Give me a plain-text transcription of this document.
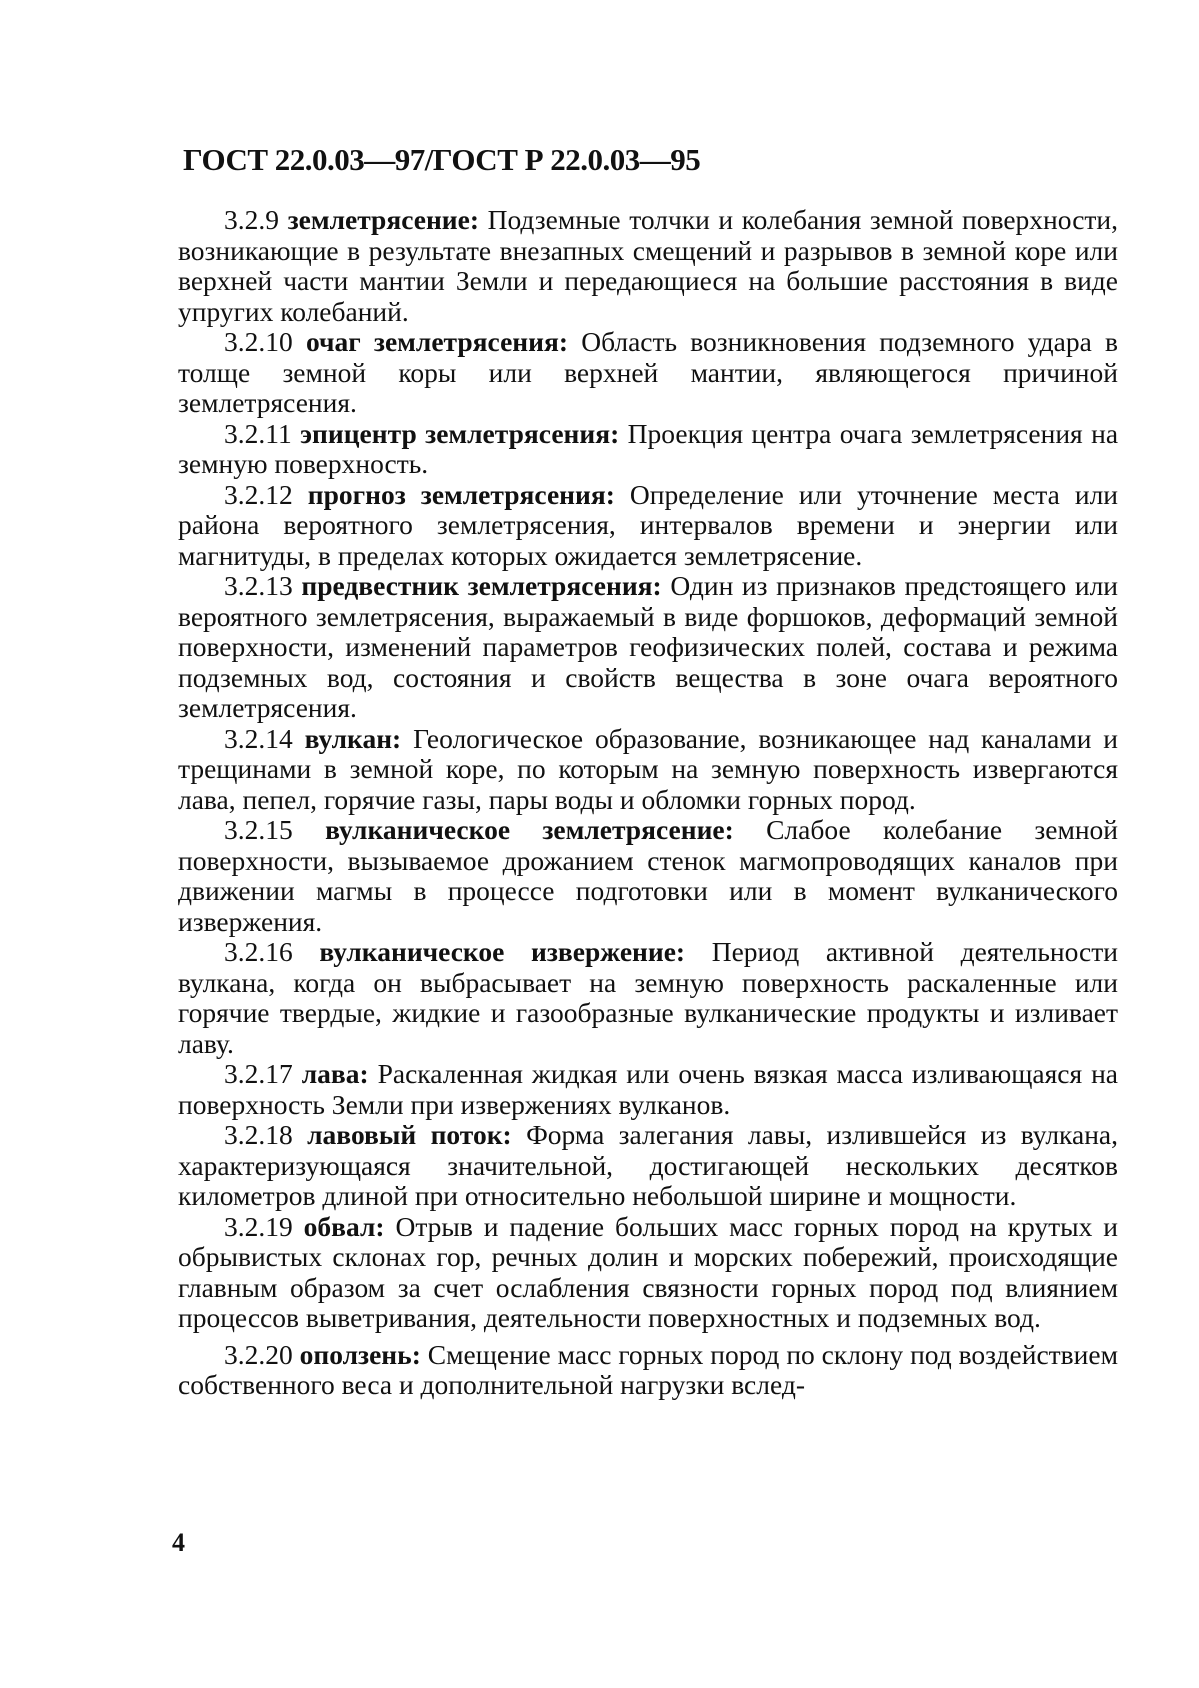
ГОСТ 22.0.03—97/ГОСТ Р 22.0.03—95

3.2.9 землетрясение: Подземные толчки и колебания земной поверхности, возникающие в результате внезапных смещений и разрывов в земной коре или верхней части мантии Земли и передающиеся на большие расстояния в виде упругих колебаний.

3.2.10 очаг землетрясения: Область возникновения подземного удара в толще земной коры или верхней мантии, являющегося причиной землетрясения.

3.2.11 эпицентр землетрясения: Проекция центра очага землетрясения на земную поверхность.

3.2.12 прогноз землетрясения: Определение или уточнение места или района вероятного землетрясения, интервалов времени и энергии или магнитуды, в пределах которых ожидается землетрясение.

3.2.13 предвестник землетрясения: Один из признаков предстоящего или вероятного землетрясения, выражаемый в виде форшоков, деформаций земной поверхности, изменений параметров геофизических полей, состава и режима подземных вод, состояния и свойств вещества в зоне очага вероятного землетрясения.

3.2.14 вулкан: Геологическое образование, возникающее над каналами и трещинами в земной коре, по которым на земную поверхность извергаются лава, пепел, горячие газы, пары воды и обломки горных пород.

3.2.15 вулканическое землетрясение: Слабое колебание земной поверхности, вызываемое дрожанием стенок магмопроводящих каналов при движении магмы в процессе подготовки или в момент вулканического извержения.

3.2.16 вулканическое извержение: Период активной деятельности вулкана, когда он выбрасывает на земную поверхность раскаленные или горячие твердые, жидкие и газообразные вулканические продукты и изливает лаву.

3.2.17 лава: Раскаленная жидкая или очень вязкая масса изливающаяся на поверхность Земли при извержениях вулканов.

3.2.18 лавовый поток: Форма залегания лавы, излившейся из вулкана, характеризующаяся значительной, достигающей нескольких десятков километров длиной при относительно небольшой ширине и мощности.

3.2.19 обвал: Отрыв и падение больших масс горных пород на крутых и обрывистых склонах гор, речных долин и морских побережий, происходящие главным образом за счет ослабления связности горных пород под влиянием процессов выветривания, деятельности поверхностных и подземных вод.

3.2.20 оползень: Смещение масс горных пород по склону под воздействием собственного веса и дополнительной нагрузки вслед-

4
